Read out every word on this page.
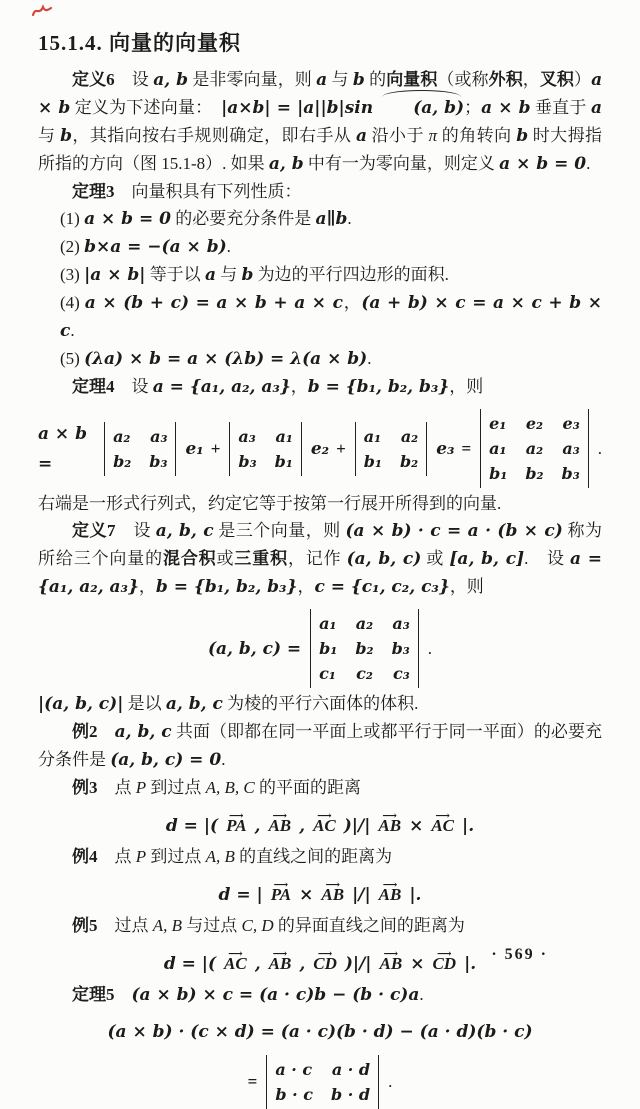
15.1.4. 向量的向量积

定义6　设 a, b 是非零向量，则 a 与 b 的向量积（或称外积，叉积）a × b 定义为下述向量：　|a×b| = |a||b|sin (a, b)；a × b 垂直于 a 与 b，其指向按右手规则确定，即右手从 a 沿小于 π 的角转向 b 时大拇指所指的方向（图 15.1-8）. 如果 a, b 中有一为零向量，则定义 a × b = 0.

定理3　向量积具有下列性质：

(1) a × b = 0 的必要充分条件是 a∥b.

(2) b×a = −(a × b).

(3) |a × b| 等于以 a 与 b 为边的平行四边形的面积.

(4) a × (b + c) = a × b + a × c，(a + b) × c = a × c + b × c.

(5) (λa) × b = a × (λb) = λ(a × b).

定理4　设 a = {a₁, a₂, a₃}，b = {b₁, b₂, b₃}，则

a × b =
a₂ a₃
b₂ b₃
e₁ +
a₃ a₁
b₃ b₁
e₂ +
a₁ a₂
b₁ b₂
e₃ =
e₁ e₂ e₃
a₁ a₂ a₃
b₁ b₂ b₃
.

右端是一形式行列式，约定它等于按第一行展开所得到的向量.

定义7　设 a, b, c 是三个向量，则 (a × b) · c = a · (b × c) 称为所给三个向量的混合积或三重积，记作 (a, b, c) 或 [a, b, c].　设 a = {a₁, a₂, a₃}，b = {b₁, b₂, b₃}，c = {c₁, c₂, c₃}，则

(a, b, c) =
a₁ a₂ a₃
b₁ b₂ b₃
c₁ c₂ c₃
.

|(a, b, c)| 是以 a, b, c 为棱的平行六面体的体积.

例2　 a, b, c 共面（即都在同一平面上或都平行于同一平面）的必要充分条件是 (a, b, c) = 0.

例3　点 P 到过点 A, B, C 的平面的距离

d = |( ⟶ PA , ⟶ AB , ⟶ AC )|/| ⟶ AB × ⟶ AC |.

例4　点 P 到过点 A, B 的直线之间的距离为

d = | ⟶ PA × ⟶ AB |/| ⟶ AB |.

例5　过点 A, B 与过点 C, D 的异面直线之间的距离为

d = |( ⟶ AC , ⟶ AB , ⟶ CD )|/| ⟶ AB × ⟶ CD |.

定理5　 (a × b) × c = (a · c)b − (b · c)a.

(a × b) · (c × d) = (a · c)(b · d) − (a · d)(b · c)
=
a · c a · d
b · c b · d
.
· 569 ·
